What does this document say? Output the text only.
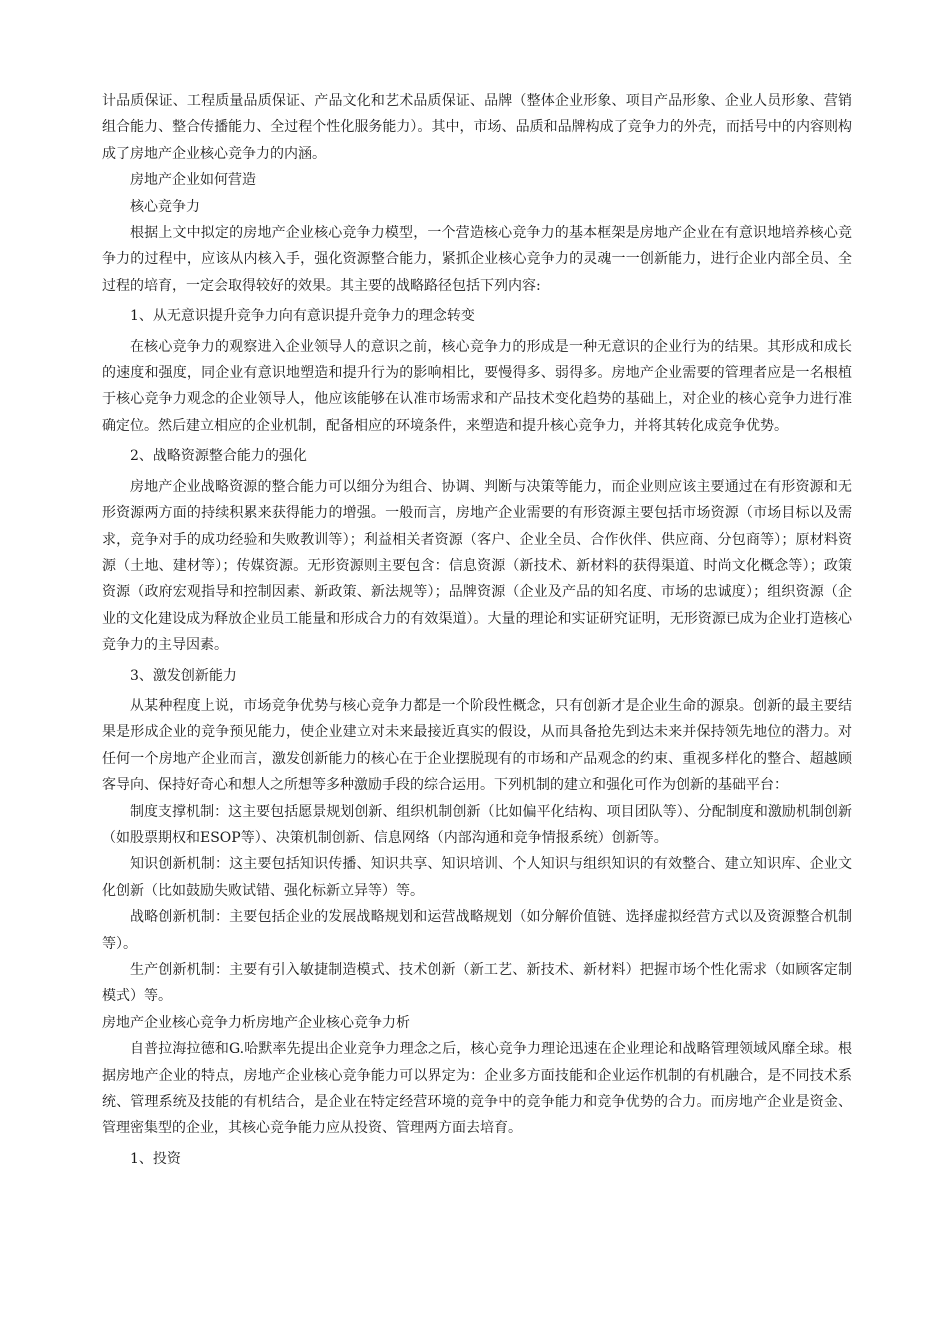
计品质保证、工程质量品质保证、产品文化和艺术品质保证、品牌（整体企业形象、项目产品形象、企业人员形象、营销组合能力、整合传播能力、全过程个性化服务能力）。其中，市场、品质和品牌构成了竞争力的外壳，而括号中的内容则构成了房地产企业核心竞争力的内涵。

房地产企业如何营造

核心竞争力

根据上文中拟定的房地产企业核心竞争力模型，一个营造核心竞争力的基本框架是房地产企业在有意识地培养核心竞争力的过程中，应该从内核入手，强化资源整合能力，紧抓企业核心竞争力的灵魂一一创新能力，进行企业内部全员、全过程的培育，一定会取得较好的效果。其主要的战略路径包括下列内容:

1、从无意识提升竞争力向有意识提升竞争力的理念转变

在核心竞争力的观察进入企业领导人的意识之前，核心竞争力的形成是一种无意识的企业行为的结果。其形成和成长的速度和强度，同企业有意识地塑造和提升行为的影响相比，要慢得多、弱得多。房地产企业需要的管理者应是一名根植于核心竞争力观念的企业领导人，他应该能够在认准市场需求和产品技术变化趋势的基础上，对企业的核心竞争力进行准确定位。然后建立相应的企业机制，配备相应的环境条件，来塑造和提升核心竞争力，并将其转化成竞争优势。

2、战略资源整合能力的强化

房地产企业战略资源的整合能力可以细分为组合、协调、判断与决策等能力，而企业则应该主要通过在有形资源和无形资源两方面的持续积累来获得能力的增强。一般而言，房地产企业需要的有形资源主要包括市场资源（市场目标以及需求，竞争对手的成功经验和失败教训等）；利益相关者资源（客户、企业全员、合作伙伴、供应商、分包商等）；原材料资源（土地、建材等）；传媒资源。无形资源则主要包含：信息资源（新技术、新材料的获得渠道、时尚文化概念等）；政策资源（政府宏观指导和控制因素、新政策、新法规等）；品牌资源（企业及产品的知名度、市场的忠诚度）；组织资源（企业的文化建设成为释放企业员工能量和形成合力的有效渠道）。大量的理论和实证研究证明，无形资源已成为企业打造核心竞争力的主导因素。

3、激发创新能力

从某种程度上说，市场竞争优势与核心竞争力都是一个阶段性概念，只有创新才是企业生命的源泉。创新的最主要结果是形成企业的竞争预见能力，使企业建立对未来最接近真实的假设，从而具备抢先到达未来并保持领先地位的潜力。对任何一个房地产企业而言，激发创新能力的核心在于企业摆脱现有的市场和产品观念的约束、重视多样化的整合、超越顾客导向、保持好奇心和想人之所想等多种激励手段的综合运用。下列机制的建立和强化可作为创新的基础平台：

制度支撑机制：这主要包括愿景规划创新、组织机制创新（比如偏平化结构、项目团队等）、分配制度和激励机制创新（如股票期权和ESOP等）、决策机制创新、信息网络（内部沟通和竞争情报系统）创新等。

知识创新机制：这主要包括知识传播、知识共享、知识培训、个人知识与组织知识的有效整合、建立知识库、企业文化创新（比如鼓励失败试错、强化标新立异等）等。

战略创新机制：主要包括企业的发展战略规划和运营战略规划（如分解价值链、选择虚拟经营方式以及资源整合机制等）。

生产创新机制：主要有引入敏捷制造模式、技术创新（新工艺、新技术、新材料）把握市场个性化需求（如顾客定制模式）等。

房地产企业核心竞争力析房地产企业核心竞争力析

自普拉海拉德和G.哈默率先提出企业竞争力理念之后，核心竞争力理论迅速在企业理论和战略管理领域风靡全球。根据房地产企业的特点，房地产企业核心竞争能力可以界定为：企业多方面技能和企业运作机制的有机融合，是不同技术系统、管理系统及技能的有机结合，是企业在特定经营环境的竞争中的竞争能力和竞争优势的合力。而房地产企业是资金、管理密集型的企业，其核心竞争能力应从投资、管理两方面去培育。

1、投资
